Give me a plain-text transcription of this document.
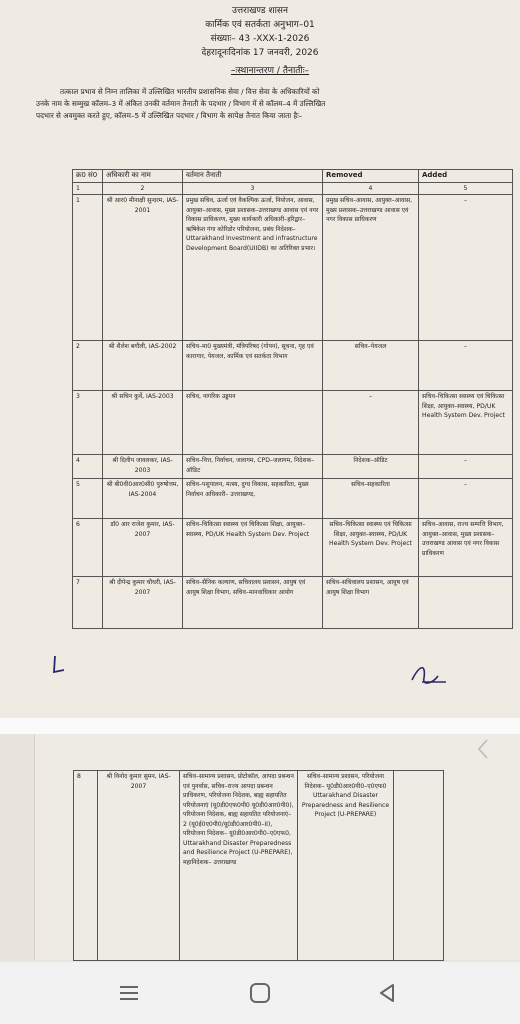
उत्तराखण्ड शासन
कार्मिक एवं सतर्कता अनुभाग–01
संख्याः– 43 -XXX-1-2026
देहरादूनःदिनांक 17 जनवरी, 2026
–ःस्थानान्तरण / तैनातीः–
तत्काल प्रभाव से निम्न तालिका में उल्लिखित भारतीय प्रशासनिक सेवा / वित्त सेवा के अधिकारियों को
उनके नाम के सम्मुख कॉलम–3 में अंकित उनकी वर्तमान तैनाती के पदभार / विभाग में से कॉलम–4 में उल्लिखित
पदभार से अवमुक्त करते हुए, कॉलम–5 में उल्लिखित पदभार / विभाग के सापेक्ष तैनात किया जाता हैः–
क्र0 सं0	अधिकारी का नाम	वर्तमान तैनाती	Removed	Added
1	2	3	4	5
1	श्री आर0 मीनाक्षी सुन्दरम, IAS-2001	प्रमुख सचिव, ऊर्जा एवं वैकल्पिक ऊर्जा, नियोजन, आवास, आयुक्त–आवास, मुख्य प्रशासक–उत्तराखण्ड आवास एवं नगर विकास प्राधिकरण, मुख्य कार्यकारी अधिकारी–हरिद्वार–ऋषिकेश गंगा कोरिडोर परियोजना, प्रबंध निदेशक– Uttarakhand Investment and infrastructure Development Board(UIIDB) का अतिरिक्त प्रभार।	प्रमुख सचिव–आवास, आयुक्त–आवास, मुख्य प्रशासक–उत्तराखण्ड आवास एवं नगर विकास प्राधिकरण	–
2	श्री शैलेश बगौली, IAS-2002	सचिव–मा0 मुख्यमंत्री, मंत्रिपरिषद (गोपन), सूचना, गृह एवं कारागार, पेयजल, कार्मिक एवं सतर्कता विभाग	सचिव–पेयजल	–
3	श्री सचिन कुर्वे, IAS-2003	सचिव, नागरिक उड्डयन	–	सचिव–चिकित्सा स्वास्थ्य एवं चिकित्सा शिक्षा, आयुक्त–स्वास्थ्य, PD/UK Health System Dev. Project
4	श्री दिलीप जावलकर, IAS-2003	सचिव–वित्त, निर्वाचन, जलागम, CPD–जलागम, निदेशक–ऑडिट	निदेशक–ऑडिट	–
5	श्री बी0वी0आर0सी0 पुरुषोत्तम, IAS-2004	सचिव–पशुपालन, मत्स्य, दुग्ध विकास, सहकारिता, मुख्य निर्वाचन अधिकारी– उत्तराखण्ड,	सचिव–सहकारिता	–
6	डॉ0 आर राजेश कुमार, IAS-2007	सचिव–चिकित्सा स्वास्थ्य एवं चिकित्सा शिक्षा, आयुक्त–स्वास्थ्य, PD/UK Health System Dev. Project	सचिव–चिकित्सा स्वास्थ्य एवं चिकित्सा शिक्षा, आयुक्त–स्वास्थ्य, PD/UK Health System Dev. Project	सचिव–आवास, राज्य सम्पत्ति विभाग, आयुक्त–आवास, मुख्य प्रशासक–उत्तराखण्ड आवास एवं नगर विकास प्राधिकरण
7	श्री दीपेन्द्र कुमार चौधरी, IAS-2007	सचिव–सैनिक कल्याण, सचिवालय प्रशासन, आयुष एवं आयुष शिक्षा विभाग, सचिव–मानवाधिकार आयोग	सचिव–सचिवालय प्रशासन, आयुष एवं आयुष शिक्षा विभाग	
8	श्री विनोद कुमार सुमन, IAS-2007	सचिव–सामान्य प्रशासन, प्रोटोकॉल, आपदा प्रबन्धन एवं पुनर्वास, सचिव–राज्य आपदा प्रबन्धन प्राधिकरण, परियोजना निदेशक, बाह्य सहायतित परियोजनाएं (यू0डी0एफ0पी0 यू0डी0आर0पी0), परियोजना निदेशक, बाह्य सहायतित परियोजनाएं–2 (यू0ई0ए0पी0/यू0डी0आर0पी0–II), परियोजना निदेशक– यू0डी0आर0पी0–ए0एफ0, Uttarakhand Disaster Preparedness and Resilience Project (U-PREPARE), महानिदेशक– उत्तराखण्ड	सचिव–सामान्य प्रशासन, परियोजना निदेशक– यू0डी0आर0पी0–ए0एफ0 Uttarakhand Disaster Preparedness and Resilience Project (U-PREPARE)	
